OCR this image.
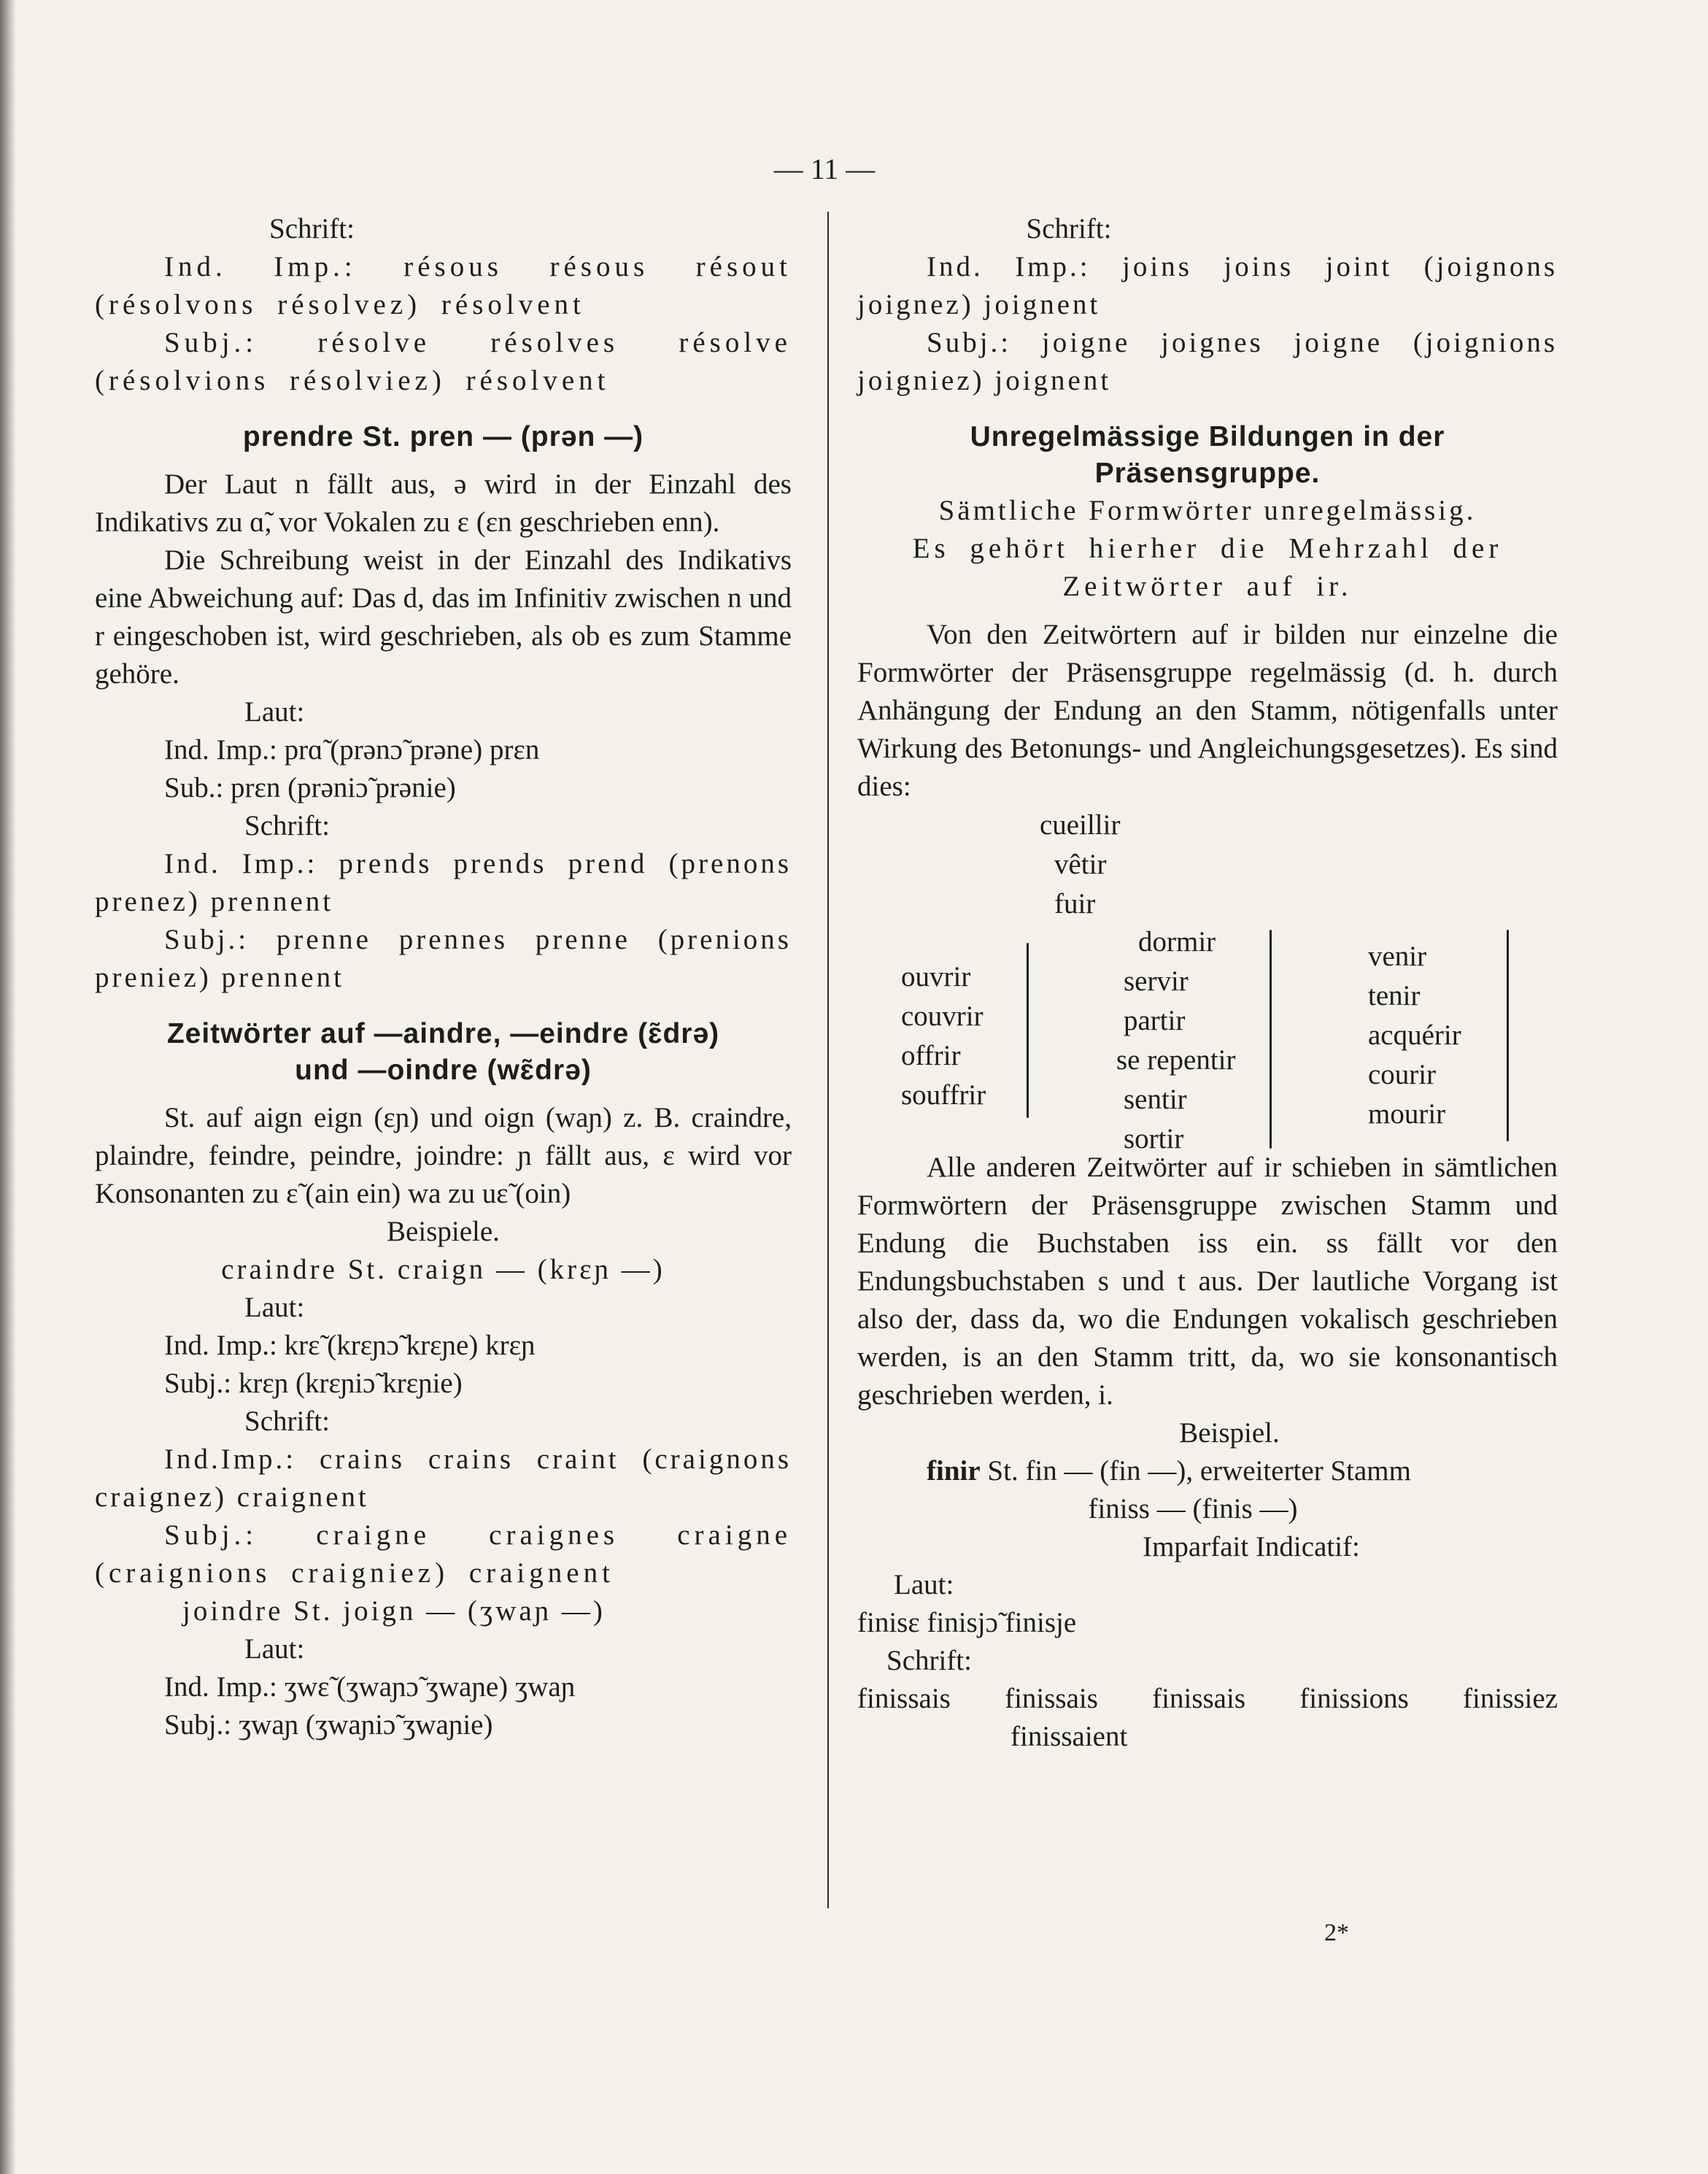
— 11 —

Schrift:

Ind. Imp.: résous résous résout (résolvons résolvez) résolvent

Subj.: résolve résolves résolve (résolvions résolviez) résolvent

prendre St. pren — (prən —)

Der Laut n fällt aus, ə wird in der Einzahl des Indikativs zu ɑ̃, vor Vokalen zu ɛ (ɛn geschrieben enn).

Die Schreibung weist in der Einzahl des Indikativs eine Abweichung auf: Das d, das im Infinitiv zwischen n und r eingeschoben ist, wird geschrieben, als ob es zum Stamme gehöre.

Laut:

Ind. Imp.: prɑ̃ (prənɔ̃ prəne) prɛn

Sub.: prɛn (prəniɔ̃ prənie)

Schrift:

Ind. Imp.: prends prends prend (prenons prenez) prennent

Subj.: prenne prennes prenne (prenions preniez) prennent

Zeitwörter auf —aindre, —eindre (ɛ̃drə)
und —oindre (wɛ̃drə)

St. auf aign eign (ɛɲ) und oign (waɲ) z. B. craindre, plaindre, feindre, peindre, joindre: ɲ fällt aus, ɛ wird vor Konsonanten zu ɛ̃ (ain ein) wa zu uɛ̃ (oin)

Beispiele.

craindre St. craign — (krɛɲ —)

Laut:

Ind. Imp.: krɛ̃ (krɛɲɔ̃ krɛɲe) krɛɲ

Subj.: krɛɲ (krɛɲiɔ̃ krɛɲie)

Schrift:

Ind.Imp.: crains crains craint (craignons craignez) craignent

Subj.: craigne craignes craigne (craignions craigniez) craignent

joindre St. joign — (ʒwaɲ —)

Laut:

Ind. Imp.: ʒwɛ̃ (ʒwaɲɔ̃ ʒwaɲe) ʒwaɲ

Subj.: ʒwaɲ (ʒwaɲiɔ̃ ʒwaɲie)

Schrift:

Ind. Imp.: joins joins joint (joignons joignez) joignent

Subj.: joigne joignes joigne (joignions joigniez) joignent

Unregelmässige Bildungen in der
Präsensgruppe.

Sämtliche Formwörter unregelmässig.

Es gehört hierher die Mehrzahl der

Zeitwörter auf ir.

Von den Zeitwörtern auf ir bilden nur einzelne die Formwörter der Präsensgruppe regelmässig (d. h. durch Anhängung der Endung an den Stamm, nötigenfalls unter Wirkung des Betonungs- und Angleichungsgesetzes). Es sind dies:

cueillir
vêtir
fuir
ouvrir
couvrir
offrir
souffrir
dormir
servir
partir
se repentir
sentir
sortir
venir
tenir
acquérir
courir
mourir

Alle anderen Zeitwörter auf ir schieben in sämtlichen Formwörtern der Präsensgruppe zwischen Stamm und Endung die Buchstaben iss ein. ss fällt vor den Endungsbuchstaben s und t aus. Der lautliche Vorgang ist also der, dass da, wo die Endungen vokalisch geschrieben werden, is an den Stamm tritt, da, wo sie konsonantisch geschrieben werden, i.

Beispiel.

finir St. fin — (fin —), erweiterter Stamm

finiss — (finis —)

Imparfait Indicatif:

Laut:

finisɛ finisjɔ̃ finisje

Schrift:

finissais finissais finissais finissions finissiez

finissaient

2*
